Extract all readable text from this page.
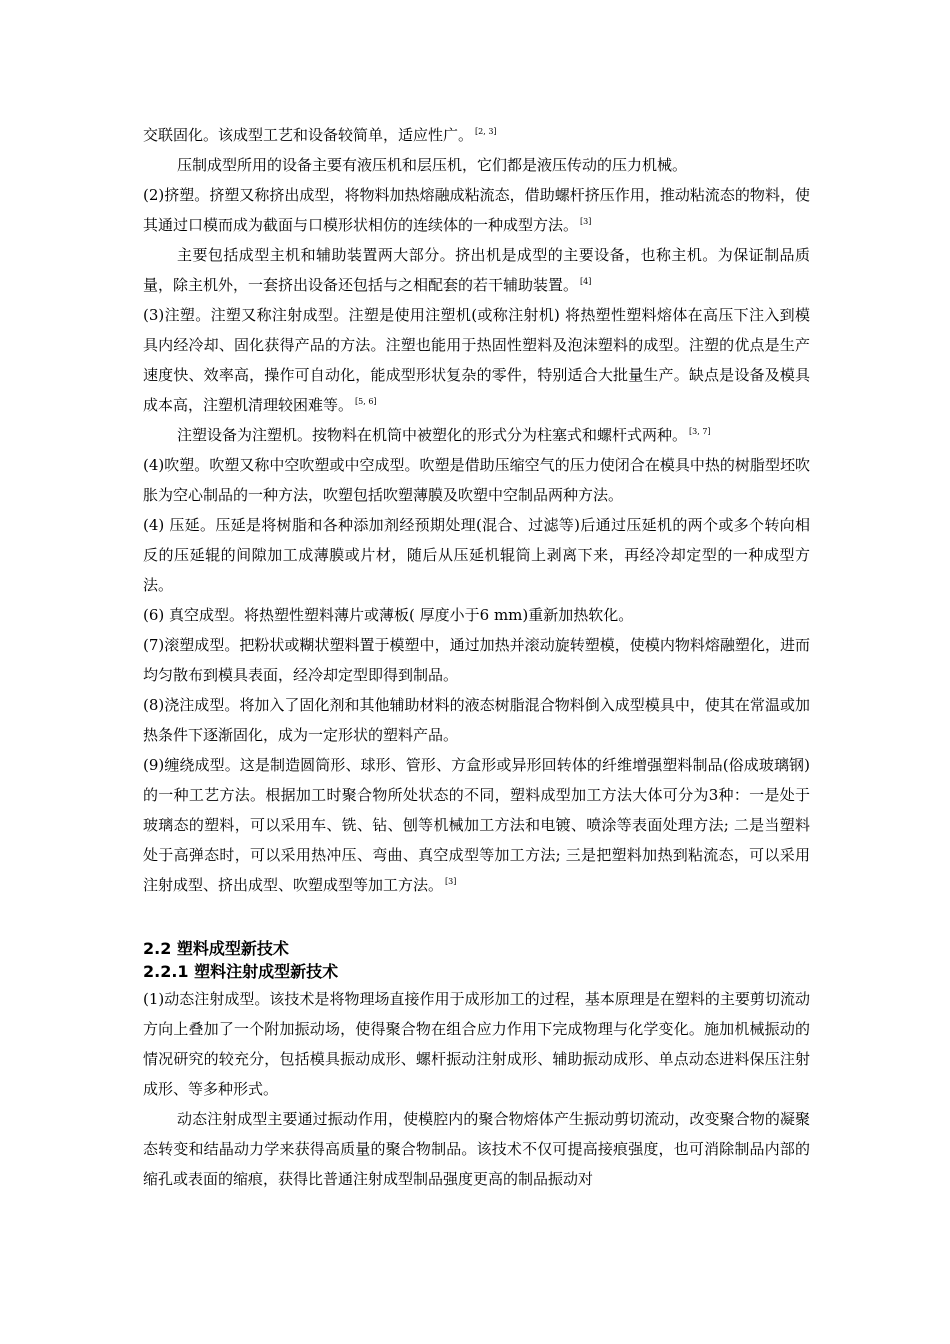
交联固化。该成型工艺和设备较简单，适应性广。 [2, 3]
压制成型所用的设备主要有液压机和层压机，它们都是液压传动的压力机械。
(2)挤塑。挤塑又称挤出成型，将物料加热熔融成粘流态，借助螺杆挤压作用，推动粘流态的物料，使其通过口模而成为截面与口模形状相仿的连续体的一种成型方法。 [3]
主要包括成型主机和辅助装置两大部分。挤出机是成型的主要设备，也称主机。为保证制品质量，除主机外，一套挤出设备还包括与之相配套的若干辅助装置。 [4]
(3)注塑。注塑又称注射成型。注塑是使用注塑机(或称注射机) 将热塑性塑料熔体在高压下注入到模具内经冷却、固化获得产品的方法。注塑也能用于热固性塑料及泡沫塑料的成型。注塑的优点是生产速度快、效率高，操作可自动化，能成型形状复杂的零件，特别适合大批量生产。缺点是设备及模具成本高，注塑机清理较困难等。 [5, 6]
注塑设备为注塑机。按物料在机筒中被塑化的形式分为柱塞式和螺杆式两种。 [3, 7]
(4)吹塑。吹塑又称中空吹塑或中空成型。吹塑是借助压缩空气的压力使闭合在模具中热的树脂型坯吹胀为空心制品的一种方法，吹塑包括吹塑薄膜及吹塑中空制品两种方法。
(4) 压延。压延是将树脂和各种添加剂经预期处理(混合、过滤等)后通过压延机的两个或多个转向相反的压延辊的间隙加工成薄膜或片材，随后从压延机辊筒上剥离下来，再经冷却定型的一种成型方法。
(6) 真空成型。将热塑性塑料薄片或薄板( 厚度小于6 mm)重新加热软化。
(7)滚塑成型。把粉状或糊状塑料置于模塑中，通过加热并滚动旋转塑模，使模内物料熔融塑化，进而均匀散布到模具表面，经冷却定型即得到制品。
(8)浇注成型。将加入了固化剂和其他辅助材料的液态树脂混合物料倒入成型模具中，使其在常温或加热条件下逐渐固化，成为一定形状的塑料产品。
(9)缠绕成型。这是制造圆筒形、球形、管形、方盒形或异形回转体的纤维增强塑料制品(俗成玻璃钢) 的一种工艺方法。根据加工时聚合物所处状态的不同，塑料成型加工方法大体可分为3种：一是处于玻璃态的塑料，可以采用车、铣、钻、刨等机械加工方法和电镀、喷涂等表面处理方法; 二是当塑料处于高弹态时，可以采用热冲压、弯曲、真空成型等加工方法; 三是把塑料加热到粘流态，可以采用注射成型、挤出成型、吹塑成型等加工方法。 [3]
2.2 塑料成型新技术
2.2.1 塑料注射成型新技术
(1)动态注射成型。该技术是将物理场直接作用于成形加工的过程，基本原理是在塑料的主要剪切流动方向上叠加了一个附加振动场，使得聚合物在组合应力作用下完成物理与化学变化。施加机械振动的情况研究的较充分，包括模具振动成形、螺杆振动注射成形、辅助振动成形、单点动态进料保压注射成形、等多种形式。
动态注射成型主要通过振动作用，使模腔内的聚合物熔体产生振动剪切流动，改变聚合物的凝聚态转变和结晶动力学来获得高质量的聚合物制品。该技术不仅可提高接痕强度，也可消除制品内部的缩孔或表面的缩痕，获得比普通注射成型制品强度更高的制品振动对
